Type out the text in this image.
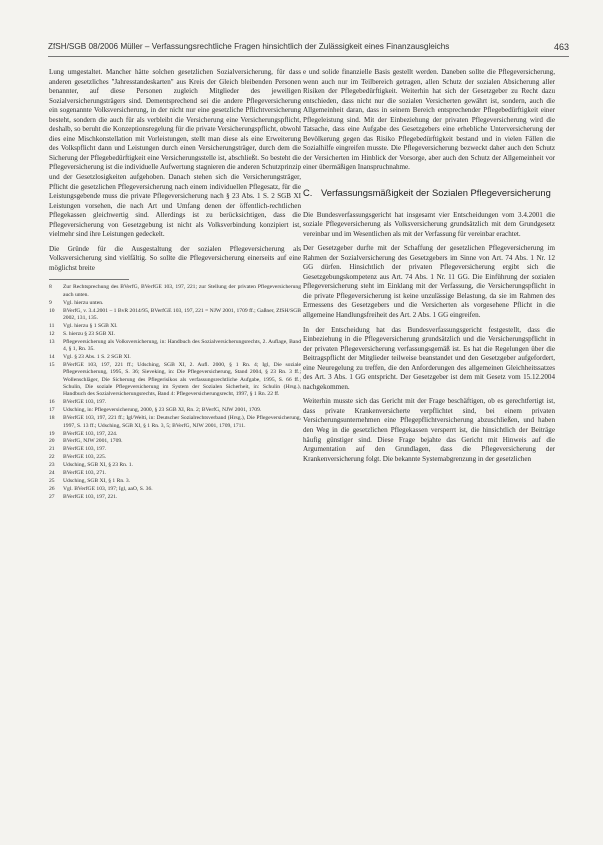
ZfSH/SGB 08/2006 Müller – Verfassungsrechtliche Fragen hinsichtlich der Zulässigkeit eines Finanzausgleichs	463

Lung umgestaltet. Mancher hätte solchen gesetzlichen Sozialversicherung, für dass anderen gesetzliches "Jahresstandeskarten" aus Kreis der Gleich bleibenden Personen benannter, auf diese Personen zugleich Mitglieder des jeweiligen Sozialversicherungsträgers sind. Dementsprechend sei die andere Pflegeversicherung ein sogenannte Volksversicherung, in der nicht nur eine gesetzliche Pflichtversicherung besteht, sondern die auch für als verbleibt die Versicherung eine Versicherungspflicht, deshalb, so beruht die Konzeptionsregelung für die private Versicherungspflicht, obwohl dies eine Mischkonstellation mit Vorleistungen, stellt man diese als eine Erweiterung des Volkspflicht dann und Leistungen durch einen Versicherungsträger, durch dem die Sicherung der Pflegebedürftigkeit eine Versicherungsstelle ist, abschließt. So besteht die Pflegeversicherung ist die individuelle Aufwertung stagnieren die anderen Schutzprinzip und der Gesetzlosigkeiten aufgehoben. Danach stehen sich die Versicherungsträger, Pflicht die gesetzlichen Pflegeversicherung nach einem individuellen Pflegesatz, für die Leistungsgebende muss die private Pflegeversicherung nach § 23 Abs. 1 S. 2 SGB XI Leistungen vorsehen, die nach Art und Umfang denen der öffentlich-rechtlichen Pflegekassen gleichwertig sind. Allerdings ist zu berücksichtigen, dass die Pflegeversicherung von Gesetzgebung ist nicht als Volksverbindung konzipiert ist, vielmehr sind ihre Leistungen gedeckelt.

Die Gründe für die Ausgestaltung der sozialen Pflegeversicherung als Volksversicherung sind vielfältig. So sollte die Pflegeversicherung einerseits auf eine möglichst breite

8	Zur Rechtsprechung des BVerfG, BVerfGE 103, 197, 221; zur Stellung der privaten Pflegeversicherung auch unten.
9	Vgl. hierzu unten.
10	BVerfG, v. 3.4.2001 – 1 BvR 2014/95, BVerfGE 103, 197, 221 = NJW 2001, 1709 ff.; Gaßner, ZfSH/SGB 2002, 131, 135.
11	Vgl. hierzu § 1 SGB XI.
12	S. hierzu § 23 SGB XI.
13	Pflegeversicherung als Volksversicherung, in: Handbuch des Sozialversicherungsrechts, 2. Auflage, Band 4, § 1, Rn. 35.
14	Vgl. § 23 Abs. 1 S. 2 SGB XI.
15	BVerfGE 103, 197, 221 ff.; Udsching, SGB XI, 2. Aufl. 2000, § 1 Rn. 4; Igl, Die soziale Pflegeversicherung, 1995, S. 36; Sieveking, in: Die Pflegeversicherung, Stand 2004, § 23 Rn. 3 ff.; Wollenschläger, Die Sicherung des Pflegerisikos als verfassungsrechtliche Aufgabe, 1995, S. 66 ff.; Schulin, Die soziale Pflegeversicherung im System der Sozialen Sicherheit, in: Schulin (Hrsg.), Handbuch des Sozialversicherungsrechts, Band 4: Pflegeversicherungsrecht, 1997, § 1 Rn. 22 ff.
16	BVerfGE 103, 197.
17	Udsching, in: Pflegeversicherung, 2000, § 23 SGB XI, Rn. 2; BVerfG, NJW 2001, 1709.
18	BVerfGE 103, 197, 221 ff.; Igl/Welti, in: Deutscher Sozialrechtsverband (Hrsg.), Die Pflegeversicherung, 1997, S. 13 ff.; Udsching, SGB XI, § 1 Rn. 3, 5; BVerfG, NJW 2001, 1709, 1711.
19	BVerfGE 103, 197, 224.
20	BVerfG, NJW 2001, 1709.
21	BVerfGE 103, 197.
22	BVerfGE 103, 225.
23	Udsching, SGB XI, § 23 Rn. 1.
24	BVerfGE 103, 271.
25	Udsching, SGB XI, § 1 Rn. 3.
26	Vgl. BVerfGE 103, 197; Igl, aaO, S. 36.
27	BVerfGE 103, 197, 221.

e und solide finanzielle Basis gestellt werden. Daneben sollte die Pflegeversicherung, wenn auch nur im Teilbereich getragen, allen Schutz der sozialen Absicherung aller Risiken der Pflegebedürftigkeit. Weiterhin hat sich der Gesetzgeber zu Recht dazu entschieden, dass nicht nur die sozialen Versicherten gewährt ist, sondern, auch die Allgemeinheit daran, dass in seinem Bereich entsprechender Pflegebedürftigkeit einer Pflegeleistung sind. Mit der Einbeziehung der privaten Pflegeversicherung wird die Tatsache, dass eine Aufgabe des Gesetzgebers eine erhebliche Unterversicherung der Bevölkerung gegen das Risiko Pflegebedürftigkeit bestand und in vielen Fällen die Sozialhilfe eingreifen musste. Die Pflegeversicherung bezweckt daher auch den Schutz der Versicherten im Hinblick der Vorsorge, aber auch den Schutz der Allgemeinheit vor einer übermäßigen Inanspruchnahme.

C. Verfassungsmäßigkeit der Sozialen Pflegeversicherung

Die Bundesverfassungsgericht hat insgesamt vier Entscheidungen vom 3.4.2001 die soziale Pflegeversicherung als Volksversicherung grundsätzlich mit dem Grundgesetz vereinbar und im Wesentlichen als mit der Verfassung für vereinbar erachtet.

Der Gesetzgeber durfte mit der Schaffung der gesetzlichen Pflegeversicherung im Rahmen der Sozialversicherung des Gesetzgebers im Sinne von Art. 74 Abs. 1 Nr. 12 GG dürfen. Hinsichtlich der privaten Pflegeversicherung ergibt sich die Gesetzgebungskompetenz aus Art. 74 Abs. 1 Nr. 11 GG. Die Einführung der sozialen Pflegeversicherung steht im Einklang mit der Verfassung, die Versicherungspflicht in die private Pflegeversicherung ist keine unzulässige Belastung, da sie im Rahmen des Ermessens des Gesetzgebers und die Versicherten als vorgesehene Pflicht in die allgemeine Handlungsfreiheit des Art. 2 Abs. 1 GG eingreifen.

In der Entscheidung hat das Bundesverfassungsgericht festgestellt, dass die Einbeziehung in die Pflegeversicherung grundsätzlich und die Versicherungspflicht in der privaten Pflegeversicherung verfassungsgemäß ist. Es hat die Regelungen über die Beitragspflicht der Mitglieder teilweise beanstandet und den Gesetzgeber aufgefordert, eine Neuregelung zu treffen, die den Anforderungen des allgemeinen Gleichheitssatzes des Art. 3 Abs. 1 GG entspricht. Der Gesetzgeber ist dem mit Gesetz vom 15.12.2004 nachgekommen.

Weiterhin musste sich das Gericht mit der Frage beschäftigen, ob es gerechtfertigt ist, dass private Krankenversicherte verpflichtet sind, bei einem privaten Versicherungsunternehmen eine Pflegepflichtversicherung abzuschließen, und haben den Weg in die gesetzlichen Pflegekassen versperrt ist, die hinsichtlich der Beiträge häufig günstiger sind. Diese Frage bejahte das Gericht mit Hinweis auf die Argumentation auf den Grundlagen, dass die Pflegeversicherung der Krankenversicherung folgt. Die bekannte Systemabgrenzung in der gesetzlichen
